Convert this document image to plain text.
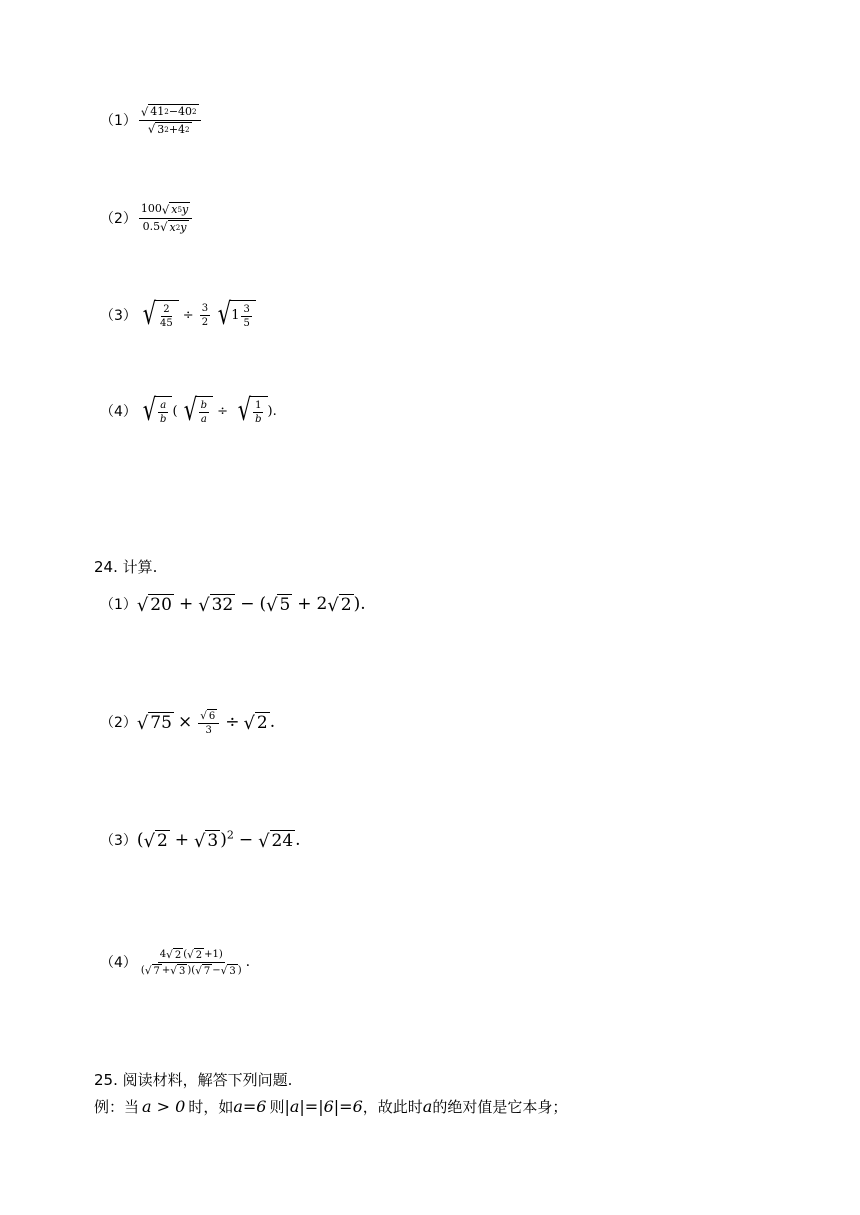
$(1) \frac{√ 41 2 -40 2}{√ 3 2 +4 2}$
$(2) \frac{100 √ x 5 y}{0.5 √ x 2 y}$
（3） √ $\frac{2}{45} \div \frac{3}{2}$ √ $1 \frac{3}{5}$
（4） √ $\frac{a}{b}$ ( √ $\frac{b}{a}$ ÷ √ $\frac{1}{b}$ ).
24. 计算.
（1） √ 20 + √ 32 − ( √ 5 + 2 √ 2 ).
（2） √ $75 \times \frac{√ 6}{3}$ ÷ √ 2 .
（3） ( √ 2 + √ 3 )$^2$ − √ 24 .
$(4) \frac{4 √ 2 ( √ 2 +1)}{( √ 7 + √ 3 )( √ 7 - √ 3 )}$ .
25. 阅读材料，解答下列问题.
例：当 a > 0 时，如 a=6 则 |a|=|6|=6 ，故此时 a 的绝对值是它本身；
